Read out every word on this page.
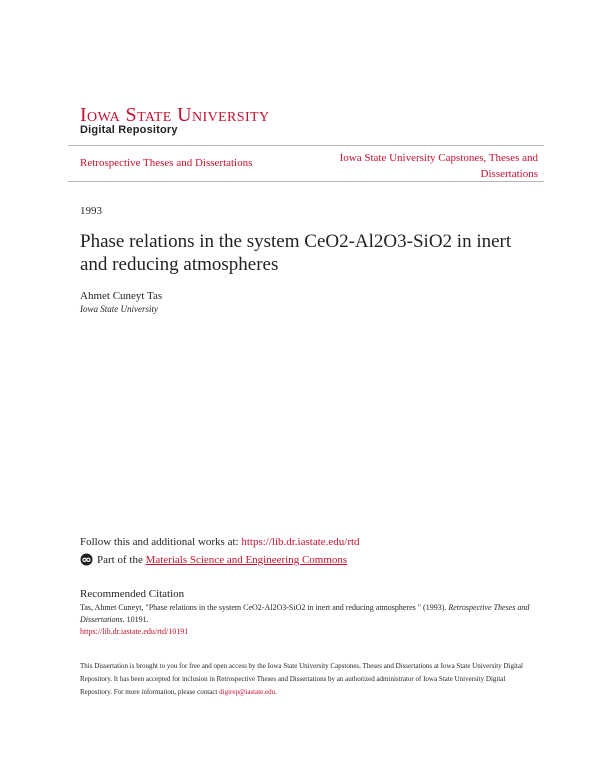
Iowa State University
Digital Repository
Retrospective Theses and Dissertations	Iowa State University Capstones, Theses and Dissertations
1993
Phase relations in the system CeO2-Al2O3-SiO2 in inert and reducing atmospheres
Ahmet Cuneyt Tas
Iowa State University
Follow this and additional works at: https://lib.dr.iastate.edu/rtd
Part of the
Materials Science and Engineering Commons
Recommended Citation
Tas, Ahmet Cuneyt, "Phase relations in the system CeO2-Al2O3-SiO2 in inert and reducing atmospheres " (1993). Retrospective Theses and Dissertations. 10191.
https://lib.dr.iastate.edu/rtd/10191
This Dissertation is brought to you for free and open access by the Iowa State University Capstones, Theses and Dissertations at Iowa State University Digital Repository. It has been accepted for inclusion in Retrospective Theses and Dissertations by an authorized administrator of Iowa State University Digital Repository. For more information, please contact digirep@iastate.edu.
